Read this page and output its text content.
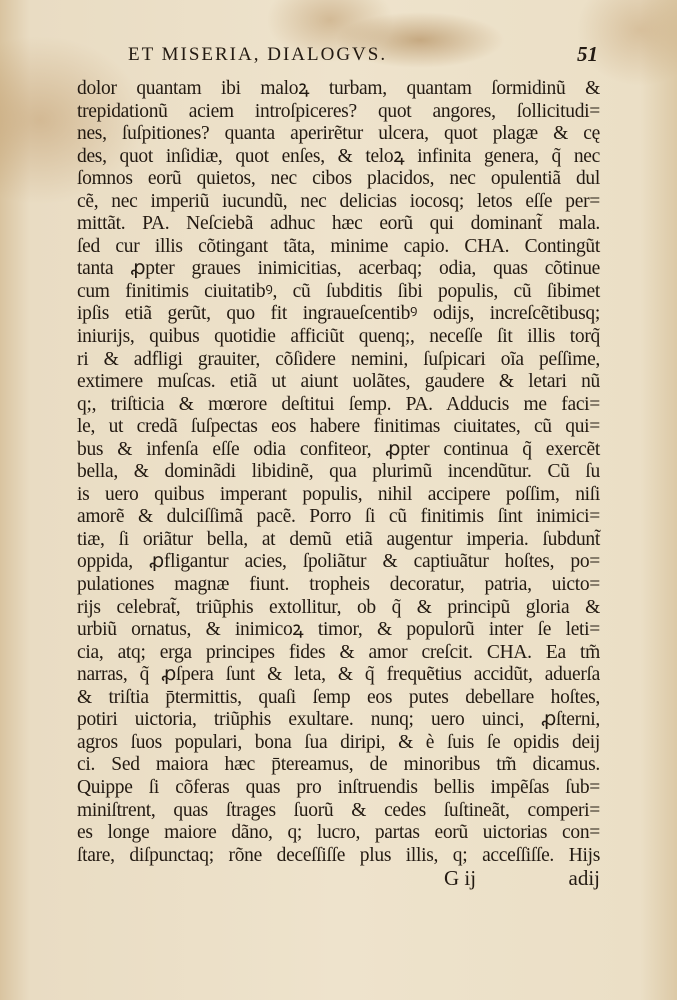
ET MISERIA, DIALOGVS.	51
dolor quantam ibi maloꝝ turbam, quantam ſormidinũ &
trepidationũ aciem introſpiceres? quot angores, ſollicitudi=
nes, ſuſpitiones? quanta aperirẽtur ulcera, quot plagæ & cę
des, quot inſidiæ, quot enſes, & teloꝝ infinita genera, q̃ nec
ſomnos eorũ quietos, nec cibos placidos, nec opulentiã dul
cẽ, nec imperiũ iucundũ, nec delicias iocosq; letos eſſe per=
mittãt. PA. Neſciebã adhuc hæc eorũ qui dominant̃ mala.
ſed cur illis cõtingant tãta, minime capio. CHA. Contingũt
tanta ꝓpter graues inimicitias, acerbaq; odia, quas cõtinue
cum finitimis ciuitatibꝰ, cũ ſubditis ſibi populis, cũ ſibimet
ipſis etiã gerũt, quo fit ingraueſcentibꝰ odijs, increſcẽtibusq;
iniurijs, quibus quotidie afficiũt quenq;, neceſſe ſit illis torq̃
ri & adfligi grauiter, cõſidere nemini, ſuſpicari oĩa peſſime,
extimere muſcas. etiã ut aiunt uolãtes, gaudere & letari nũ
q;, triſticia & mœrore deſtitui ſemp. PA. Adducis me faci=
le, ut credã ſuſpectas eos habere finitimas ciuitates, cũ qui=
bus & infenſa eſſe odia confiteor, ꝓpter continua q̃ exercẽt
bella, & dominãdi libidinẽ, qua plurimũ incendũtur. Cũ ſu
is uero quibus imperant populis, nihil accipere poſſim, niſi
amorẽ & dulciſſimã pacẽ. Porro ſi cũ finitimis ſint inimici=
tiæ, ſi oriãtur bella, at demũ etiã augentur imperia. ſubdunt̃
oppida, ꝓfligantur acies, ſpoliãtur & captiuãtur hoſtes, po=
pulationes magnæ fiunt. tropheis decoratur, patria, uicto=
rijs celebrat̃, triũphis extollitur, ob q̃ & principũ gloria &
urbiũ ornatus, & inimicoꝝ timor, & populorũ inter ſe leti=
cia, atq; erga principes fides & amor creſcit. CHA. Ea tm̃
narras, q̃ ꝓſpera ſunt & leta, & q̃ frequẽtius accidũt, aduerſa
& triſtia p̄termittis, quaſi ſemp eos putes debellare hoſtes,
potiri uictoria, triũphis exultare. nunq; uero uinci, ꝓſterni,
agros ſuos populari, bona ſua diripi, & è ſuis ſe opidis deij
ci. Sed maiora hæc p̄tereamus, de minoribus tm̃ dicamus.
Quippe ſi cõferas quas pro inſtruendis bellis impẽſas ſub=
miniſtrent, quas ſtrages ſuorũ & cedes ſuſtineãt, comperi=
es longe maiore dãno, q; lucro, partas eorũ uictorias con=
ſtare, diſpunctaq; rõne deceſſiſſe plus illis, q; acceſſiſſe. Hijs
G ij	adij
